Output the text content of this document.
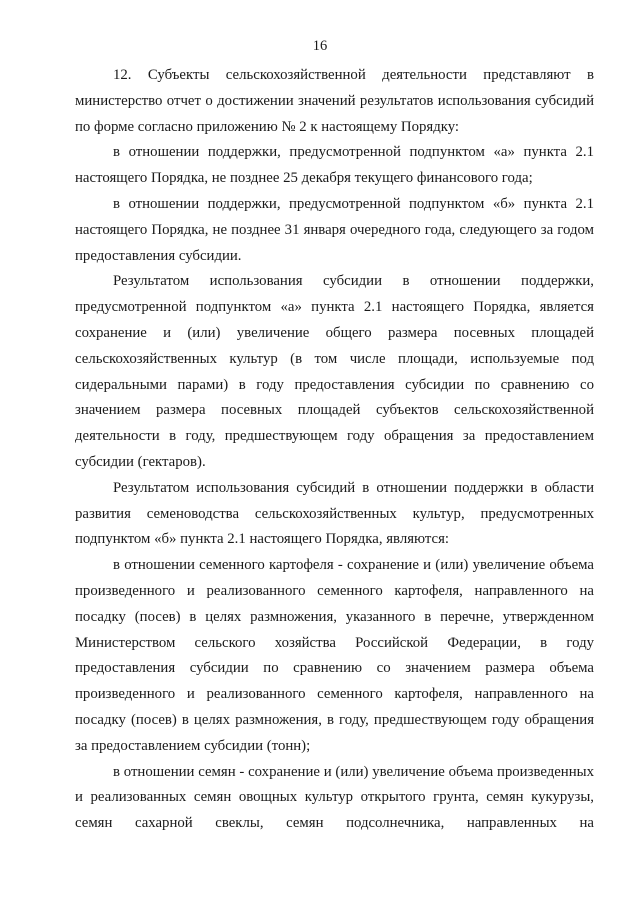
16

12. Субъекты сельскохозяйственной деятельности представляют в министерство отчет о достижении значений результатов использования субсидий по форме согласно приложению № 2 к настоящему Порядку:

в отношении поддержки, предусмотренной подпунктом «а» пункта 2.1 настоящего Порядка, не позднее 25 декабря текущего финансового года;

в отношении поддержки, предусмотренной подпунктом «б» пункта 2.1 настоящего Порядка, не позднее 31 января очередного года, следующего за годом предоставления субсидии.

Результатом использования субсидии в отношении поддержки, предусмотренной подпунктом «а» пункта 2.1 настоящего Порядка, является сохранение и (или) увеличение общего размера посевных площадей сельскохозяйственных культур (в том числе площади, используемые под сидеральными парами) в году предоставления субсидии по сравнению со значением размера посевных площадей субъектов сельскохозяйственной деятельности в году, предшествующем году обращения за предоставлением субсидии (гектаров).

Результатом использования субсидий в отношении поддержки в области развития семеноводства сельскохозяйственных культур, предусмотренных подпунктом «б» пункта 2.1 настоящего Порядка, являются:

в отношении семенного картофеля - сохранение и (или) увеличение объема произведенного и реализованного семенного картофеля, направленного на посадку (посев) в целях размножения, указанного в перечне, утвержденном Министерством сельского хозяйства Российской Федерации, в году предоставления субсидии по сравнению со значением размера объема произведенного и реализованного семенного картофеля, направленного на посадку (посев) в целях размножения, в году, предшествующем году обращения за предоставлением субсидии (тонн);

в отношении семян - сохранение и (или) увеличение объема произведенных и реализованных семян овощных культур открытого грунта, семян кукурузы, семян сахарной свеклы, семян подсолнечника, направленных на
